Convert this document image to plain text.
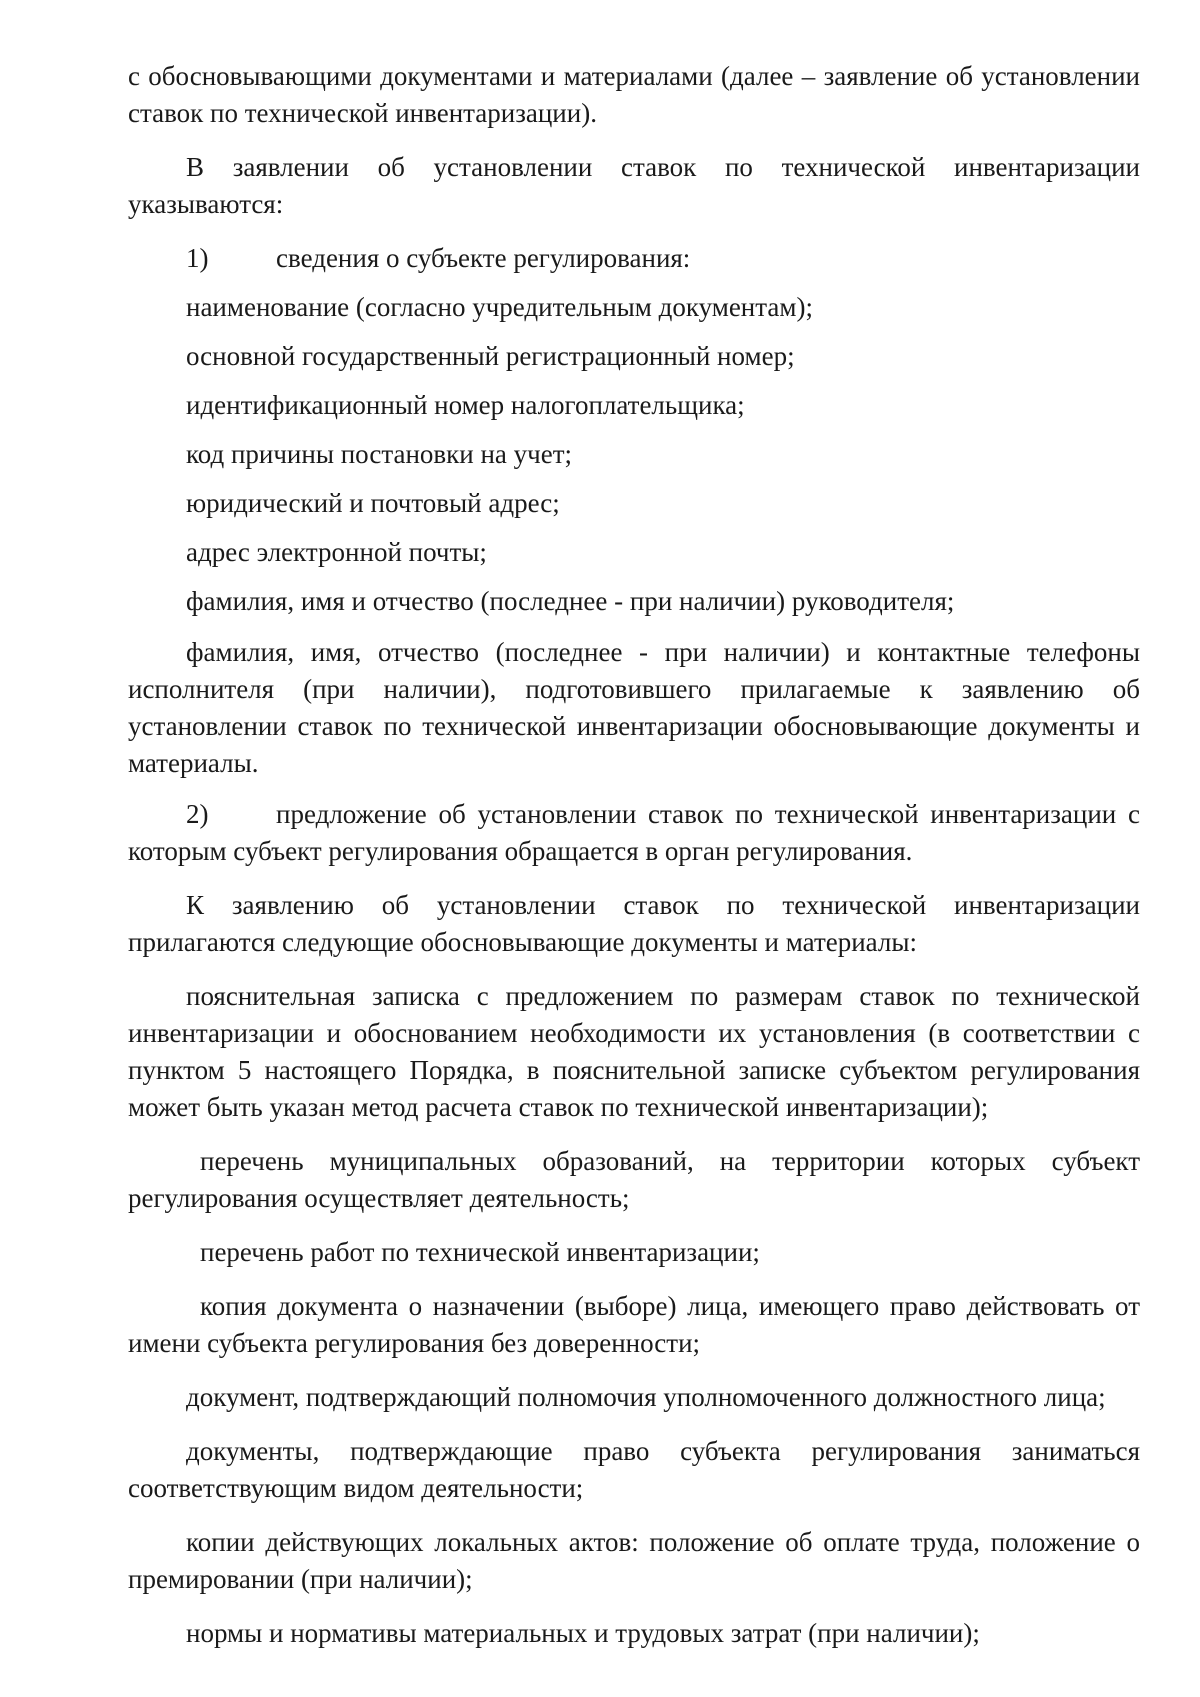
с обосновывающими документами и материалами (далее – заявление об установлении ставок по технической инвентаризации).

В заявлении об установлении ставок по технической инвентаризации указываются:

1)	сведения о субъекте регулирования:

наименование (согласно учредительным документам);

основной государственный регистрационный номер;

идентификационный номер налогоплательщика;

код причины постановки на учет;

юридический и почтовый адрес;

адрес электронной почты;

фамилия, имя и отчество (последнее - при наличии) руководителя;

фамилия, имя, отчество (последнее - при наличии) и контактные телефоны исполнителя (при наличии), подготовившего прилагаемые к заявлению об установлении ставок по технической инвентаризации обосновывающие документы и материалы.

2)	предложение об установлении ставок по технической инвентаризации с которым субъект регулирования обращается в орган регулирования.

К заявлению об установлении ставок по технической инвентаризации прилагаются следующие обосновывающие документы и материалы:

пояснительная записка с предложением по размерам ставок по технической инвентаризации и обоснованием необходимости их установления (в соответствии с пунктом 5 настоящего Порядка, в пояснительной записке субъектом регулирования может быть указан метод расчета ставок по технической инвентаризации);

перечень муниципальных образований, на территории которых субъект регулирования осуществляет деятельность;

перечень работ по технической инвентаризации;

копия документа о назначении (выборе) лица, имеющего право действовать от имени субъекта регулирования без доверенности;

документ, подтверждающий полномочия уполномоченного должностного лица;

документы, подтверждающие право субъекта регулирования заниматься соответствующим видом деятельности;

копии действующих локальных актов: положение об оплате труда, положение о премировании (при наличии);

нормы и нормативы материальных и трудовых затрат (при наличии);
